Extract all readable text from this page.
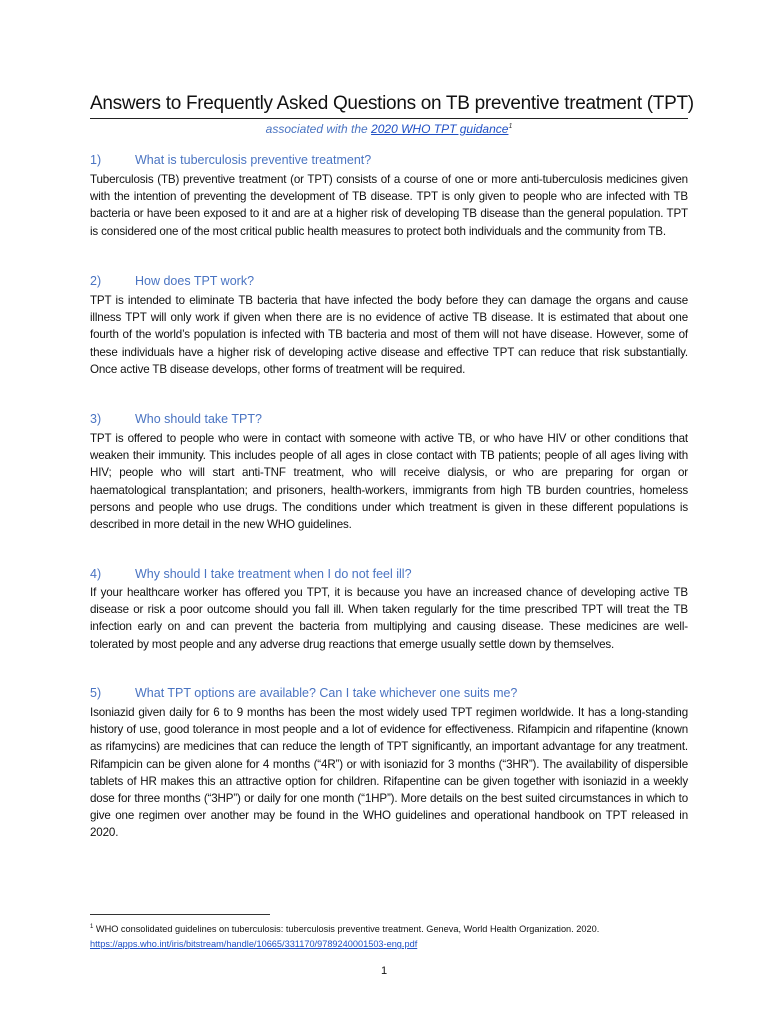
Answers to Frequently Asked Questions on TB preventive treatment (TPT)
associated with the 2020 WHO TPT guidance$^1$
1)	What is tuberculosis preventive treatment?
Tuberculosis (TB) preventive treatment (or TPT) consists of a course of one or more anti-tuberculosis medicines given with the intention of preventing the development of TB disease. TPT is only given to people who are infected with TB bacteria or have been exposed to it and are at a higher risk of developing TB disease than the general population. TPT is considered one of the most critical public health measures to protect both individuals and the community from TB.
2)	How does TPT work?
TPT is intended to eliminate TB bacteria that have infected the body before they can damage the organs and cause illness TPT will only work if given when there are is no evidence of active TB disease. It is estimated that about one fourth of the world’s population is infected with TB bacteria and most of them will not have disease. However, some of these individuals have a higher risk of developing active disease and effective TPT can reduce that risk substantially. Once active TB disease develops, other forms of treatment will be required.
3)	Who should take TPT?
TPT is offered to people who were in contact with someone with active TB, or who have HIV or other conditions that weaken their immunity. This includes people of all ages in close contact with TB patients; people of all ages living with HIV; people who will start anti-TNF treatment, who will receive dialysis, or who are preparing for organ or haematological transplantation; and prisoners, health-workers, immigrants from high TB burden countries, homeless persons and people who use drugs. The conditions under which treatment is given in these different populations is described in more detail in the new WHO guidelines.
4)	Why should I take treatment when I do not feel ill?
If your healthcare worker has offered you TPT, it is because you have an increased chance of developing active TB disease or risk a poor outcome should you fall ill. When taken regularly for the time prescribed TPT will treat the TB infection early on and can prevent the bacteria from multiplying and causing disease. These medicines are well-tolerated by most people and any adverse drug reactions that emerge usually settle down by themselves.
5)	What TPT options are available? Can I take whichever one suits me?
Isoniazid given daily for 6 to 9 months has been the most widely used TPT regimen worldwide. It has a long-standing history of use, good tolerance in most people and a lot of evidence for effectiveness. Rifampicin and rifapentine (known as rifamycins) are medicines that can reduce the length of TPT significantly, an important advantage for any treatment. Rifampicin can be given alone for 4 months (“4R”) or with isoniazid for 3 months (“3HR”). The availability of dispersible tablets of HR makes this an attractive option for children. Rifapentine can be given together with isoniazid in a weekly dose for three months (“3HP”) or daily for one month (“1HP”). More details on the best suited circumstances in which to give one regimen over another may be found in the WHO guidelines and operational handbook on TPT released in 2020.
$^1$ WHO consolidated guidelines on tuberculosis: tuberculosis preventive treatment. Geneva, World Health Organization. 2020.
https://apps.who.int/iris/bitstream/handle/10665/331170/9789240001503-eng.pdf
1
